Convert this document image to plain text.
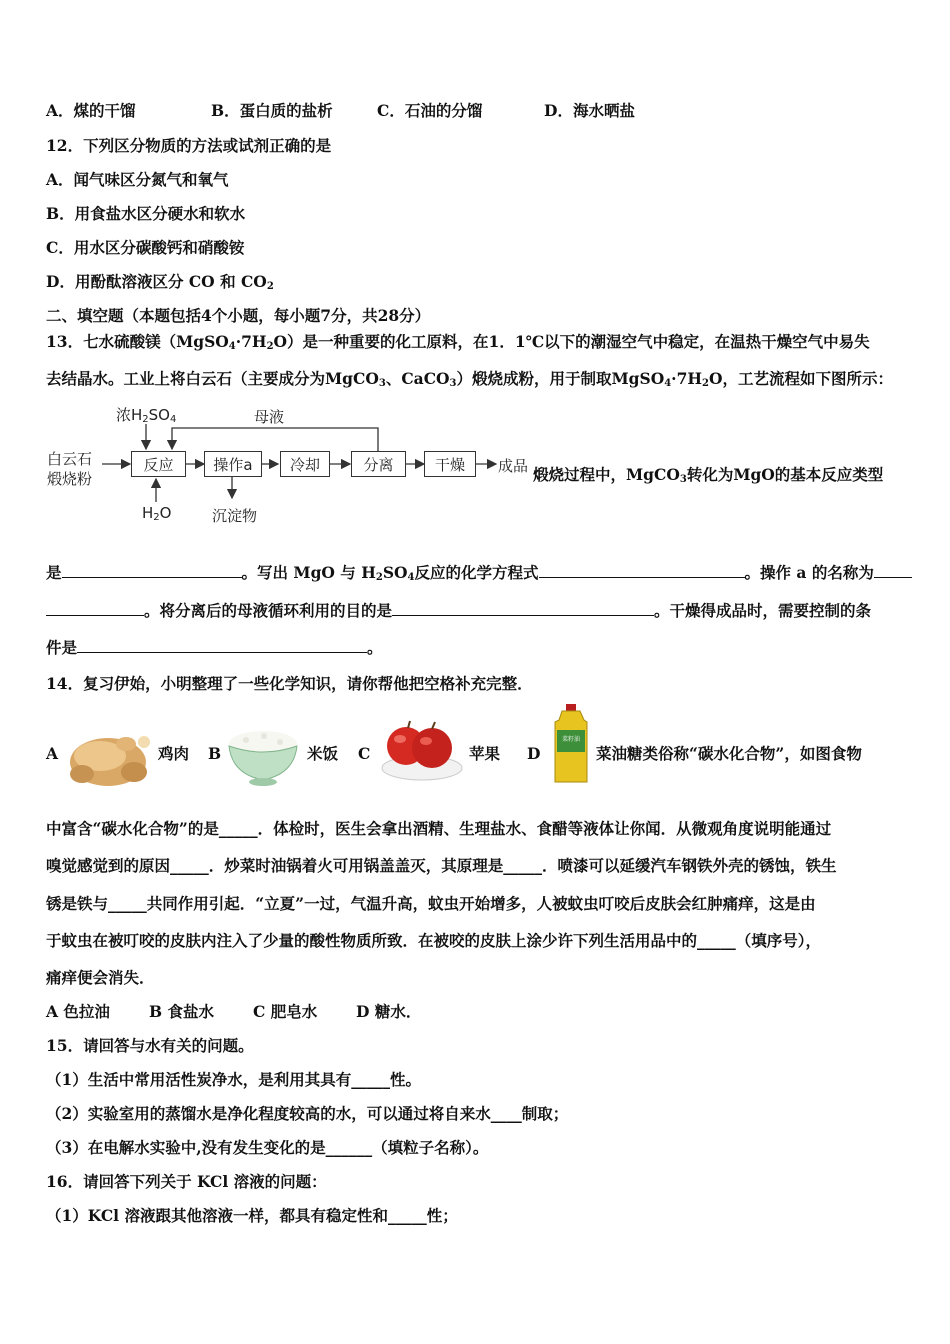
A．煤的干馏	B．蛋白质的盐析	C．石油的分馏	D．海水晒盐
12．下列区分物质的方法或试剂正确的是
A．闻气味区分氮气和氧气
B．用食盐水区分硬水和软水
C．用水区分碳酸钙和硝酸铵
D．用酚酞溶液区分 CO 和 $CO_2$
二、填空题（本题包括4个小题，每小题7分，共28分）
13．七水硫酸镁$(MgSO_4\cdot 7H_2O)$是一种重要的化工原料，在1．1℃以下的潮湿空气中稳定，在温热干燥空气中易失
去结晶水。工业上将白云石（主要成分为MgCO$_3$、CaCO$_3$）煅烧成粉，用于制取$MgSO_4\cdot 7H_2O$，工艺流程如下图所示：
白云石
煅烧粉
浓$H_2SO_4$	母液
$H_2O$	沉淀物
反应	操作a	冷却	分离	干燥	成品 煅烧过程中，MgCO$_3$转化为MgO的基本反应类型
是	。写出 MgO 与 $H_2SO_4$反应的化学方程式	。操作 a 的名称为
。将分离后的母液循环利用的目的是	。干燥得成品时，需要控制的条
件是	。
14．复习伊始，小明整理了一些化学知识，请你帮他把空格补充完整．
A	鸡肉 B	米饭 C	苹果 D
菜籽油
菜油糖类俗称“碳水化合物”，如图食物
中富含“碳水化合物”的是_____．体检时，医生会拿出酒精、生理盐水、食醋等液体让你闻．从微观角度说明能通过
嗅觉感觉到的原因_____．炒菜时油锅着火可用锅盖盖灭，其原理是_____．喷漆可以延缓汽车钢铁外壳的锈蚀，铁生
锈是铁与_____共同作用引起．“立夏”一过，气温升高，蚊虫开始增多，人被蚊虫叮咬后皮肤会红肿痛痒，这是由
于蚊虫在被叮咬的皮肤内注入了少量的酸性物质所致．在被咬的皮肤上涂少许下列生活用品中的_____（填序号），
痛痒便会消失．
A 色拉油	B 食盐水	C 肥皂水	D 糖水．
15．请回答与水有关的问题。
（1）生活中常用活性炭净水，是利用其具有_____性。
（2）实验室用的蒸馏水是净化程度较高的水，可以通过将自来水____制取；
（3）在电解水实验中,没有发生变化的是______（填粒子名称）。
16．请回答下列关于 KCl 溶液的问题：
（1）KCl 溶液跟其他溶液一样，都具有稳定性和_____性；
